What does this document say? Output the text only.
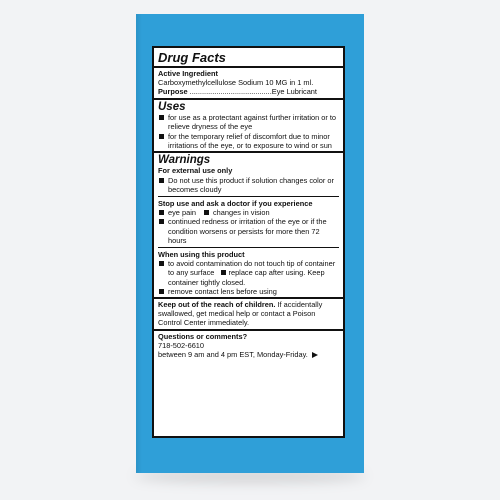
Drug Facts
Active Ingredient
Carboxymethylcellulose Sodium 10 MG in 1 ml.
Purpose ........................................Eye Lubricant
Uses
for use as a protectant against further irritation or to relieve dryness of the eye
for the temporary relief of discomfort due to minor irritations of the eye, or to exposure to wind or sun
Warnings
For external use only
Do not use this product if solution changes color or becomes cloudy
Stop use and ask a doctor if you experience
eye pain changes in vision
continued redness or irritation of the eye or if the condition worsens or persists for more then 72 hours
When using this product
to avoid contamination do not touch tip of container to any surface replace cap after using. Keep container tightly closed.
remove contact lens before using
Keep out of the reach of children. If accidentally swallowed, get medical help or contact a Poison Control Center immediately.
Questions or comments?
718-502-6610
between 9 am and 4 pm EST, Monday-Friday.
